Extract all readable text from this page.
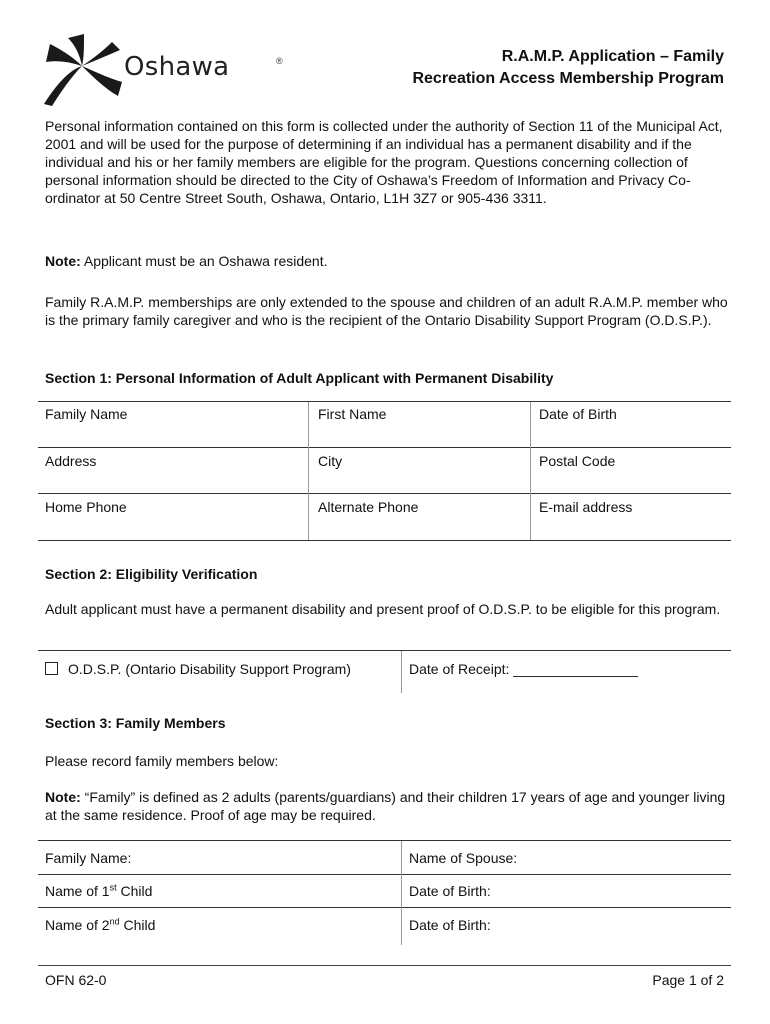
Oshawa	®	R.A.M.P. Application – Family
Recreation Access Membership Program
Personal information contained on this form is collected under the authority of Section 11 of the Municipal Act, 2001 and will be used for the purpose of determining if an individual has a permanent disability and if the individual and his or her family members are eligible for the program. Questions concerning collection of personal information should be directed to the City of Oshawa’s Freedom of Information and Privacy Co-ordinator at 50 Centre Street South, Oshawa, Ontario, L1H 3Z7 or 905-436 3311.
Note: Applicant must be an Oshawa resident.
Family R.A.M.P. memberships are only extended to the spouse and children of an adult R.A.M.P. member who is the primary family caregiver and who is the recipient of the Ontario Disability Support Program (O.D.S.P.).
Section 1: Personal Information of Adult Applicant with Permanent Disability
Family Name	First Name	Date of Birth
Address	City	Postal Code
Home Phone	Alternate Phone	E-mail address
Section 2: Eligibility Verification
Adult applicant must have a permanent disability and present proof of O.D.S.P. to be eligible for this program.
O.D.S.P. (Ontario Disability Support Program)	Date of Receipt: ________________
Section 3: Family Members
Please record family members below:
Note: “Family” is defined as 2 adults (parents/guardians) and their children 17 years of age and younger living at the same residence. Proof of age may be required.
Family Name:	Name of Spouse:
Name of 1st Child	Date of Birth:
Name of 2nd Child	Date of Birth:
OFN 62-0	Page 1 of 2
